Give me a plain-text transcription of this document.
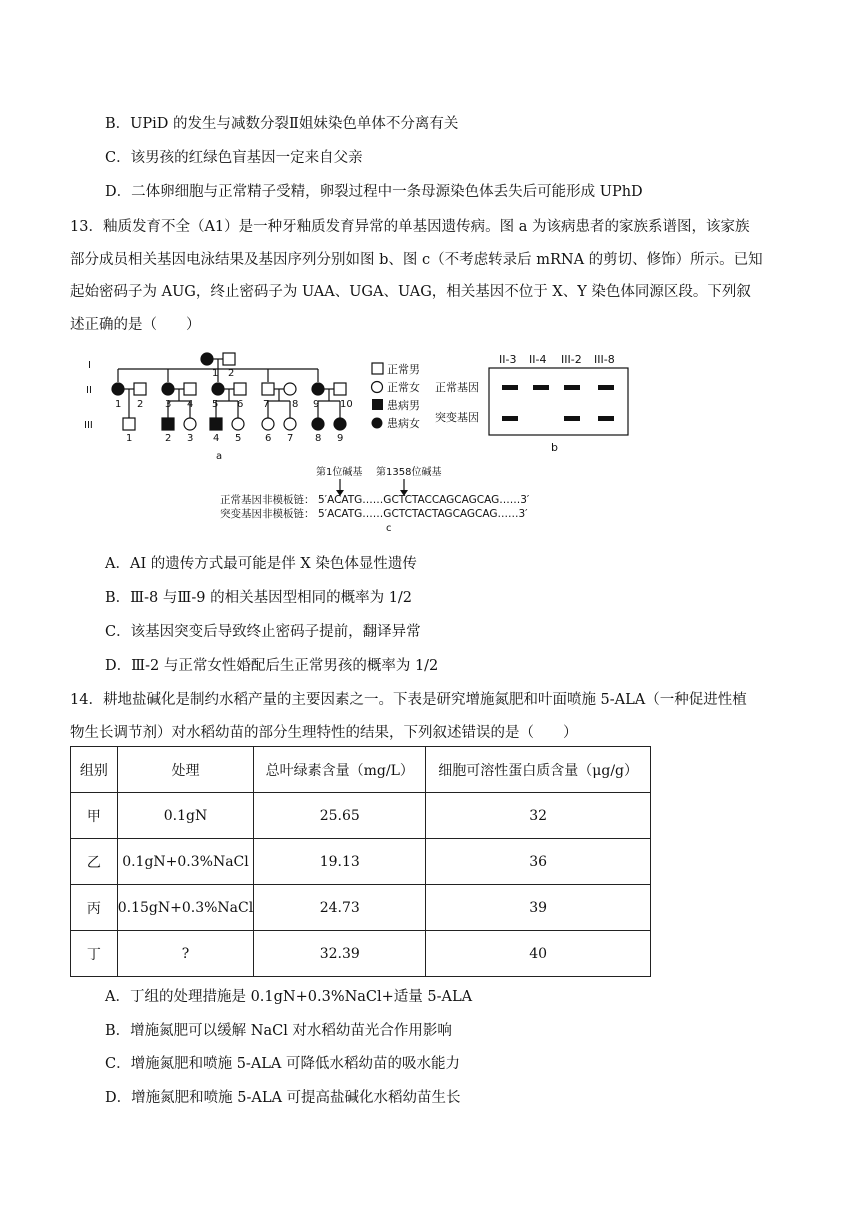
B．UPiD 的发生与减数分裂Ⅱ姐妹染色单体不分离有关
C．该男孩的红绿色盲基因一定来自父亲
D．二体卵细胞与正常精子受精，卵裂过程中一条母源染色体丢失后可能形成 UPhD
13．釉质发育不全（A1）是一种牙釉质发育异常的单基因遗传病。图 a 为该病患者的家族系谱图，该家族
部分成员相关基因电泳结果及基因序列分别如图 b、图 c（不考虑转录后 mRNA 的剪切、修饰）所示。已知
起始密码子为 AUG，终止密码子为 UAA、UGA、UAG，相关基因不位于 X、Y 染色体同源区段。下列叙
述正确的是（　　）
I
II
III
1 2
1 2 3 4 5 6 7 8 9 10
1	2 3 4 5 6 7 8 9
a
正常男
正常女
患病男
患病女
II-3 II-4 III-2 III-8
正常基因
突变基因
b
第1位碱基 第1358位碱基
正常基因非模板链： 5′ACATG……GCTCTACCAGCAGCAG……3′
突变基因非模板链： 5′ACATG……GCTCTACTAGCAGCAG……3′
c
A．AI 的遗传方式最可能是伴 X 染色体显性遗传
B．Ⅲ-8 与Ⅲ-9 的相关基因型相同的概率为 1/2
C．该基因突变后导致终止密码子提前，翻译异常
D．Ⅲ-2 与正常女性婚配后生正常男孩的概率为 1/2
14．耕地盐碱化是制约水稻产量的主要因素之一。下表是研究增施氮肥和叶面喷施 5-ALA（一种促进性植
物生长调节剂）对水稻幼苗的部分生理特性的结果，下列叙述错误的是（　　）
组别	处理	总叶绿素含量（mg/L）	细胞可溶性蛋白质含量（μg/g）
甲	0.1gN	25.65	32
乙	0.1gN+0.3%NaCl	19.13	36
丙	0.15gN+0.3%NaCl	24.73	39
丁	?	32.39	40
A．丁组的处理措施是 0.1gN+0.3%NaCl+适量 5-ALA
B．增施氮肥可以缓解 NaCl 对水稻幼苗光合作用影响
C．增施氮肥和喷施 5-ALA 可降低水稻幼苗的吸水能力
D．增施氮肥和喷施 5-ALA 可提高盐碱化水稻幼苗生长
